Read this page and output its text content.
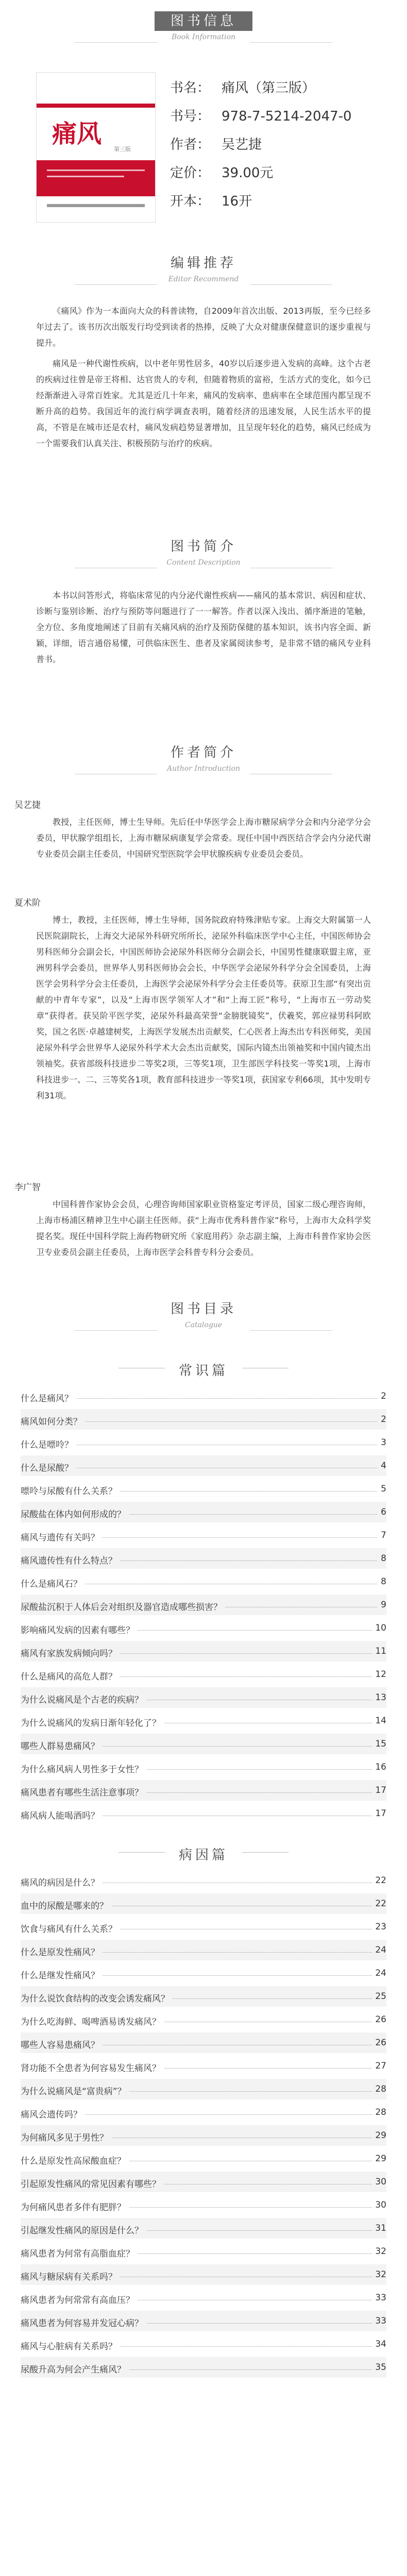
图书信息
Book Information
痛风
第三版
书名： 痛风（第三版）
书号： 978-7-5214-2047-0
作者： 吴艺捷
定价： 39.00元
开本： 16开
编辑推荐
Editor Recommend
《痛风》作为一本面向大众的科普读物，自2009年首次出版、2013再版，至今已经多年过去了。该书历次出版发行均受到读者的热捧，反映了大众对健康保健意识的逐步重视与提升。
痛风是一种代谢性疾病，以中老年男性居多，40岁以后逐步进入发病的高峰。这个古老的疾病过往曾是帝王将相、达官贵人的专利，但随着物质的富裕，生活方式的变化，如今已经渐渐进入寻常百姓家。尤其是近几十年来，痛风的发病率、患病率在全球范围内都呈现不断升高的趋势。我国近年的流行病学调查表明，随着经济的迅速发展，人民生活水平的提高，不管是在城市还是农村，痛风发病趋势显著增加，且呈现年轻化的趋势，痛风已经成为一个需要我们认真关注、积极预防与治疗的疾病。
图书简介
Content Description
本书以问答形式，将临床常见的内分泌代谢性疾病——痛风的基本常识、病因和症状、诊断与鉴别诊断、治疗与预防等问题进行了一一解答。作者以深入浅出、循序渐进的笔触，全方位、多角度地阐述了目前有关痛风病的治疗及预防保健的基本知识，该书内容全面、新颖，详细，语言通俗易懂，可供临床医生、患者及家属阅读参考，是非常不错的痛风专业科普书。
作者简介
Author Introduction
吴艺捷
教授，主任医师，博士生导师。先后任中华医学会上海市糖尿病学分会和内分泌学分会委员，甲状腺学组组长，上海市糖尿病康复学会常委。现任中国中西医结合学会内分泌代谢专业委员会副主任委员，中国研究型医院学会甲状腺疾病专业委员会委员。
夏术阶
博士，教授，主任医师，博士生导师，国务院政府特殊津贴专家。上海交大附属第一人民医院副院长，上海交大泌尿外科研究所所长，泌尿外科临床医学中心主任，中国医师协会男科医师分会副会长，中国医师协会泌尿外科医师分会副会长，中国男性健康联盟主席，亚洲男科学会委员，世界华人男科医师协会会长，中华医学会泌尿外科学分会全国委员，上海医学会男科学分会主任委员，上海医学会泌尿外科学分会主任委员等。获原卫生部“有突出贡献的中青年专家”，以及“上海市医学领军人才”和“上海工匠”称号，“上海市五一劳动奖章”获得者。获吴阶平医学奖，泌尿外科最高荣誉“金膀胱镜奖”，伏羲奖，郭应禄男科阿欧奖，国之名医·卓越建树奖，上海医学发展杰出贡献奖，仁心医者上海杰出专科医师奖，美国泌尿外科学会世界华人泌尿外科学术大会杰出贡献奖，国际内镜杰出领袖奖和中国内镜杰出领袖奖。获省部级科技进步二等奖2项，三等奖1项，卫生部医学科技奖一等奖1项，上海市科技进步一、二、三等奖各1项，教育部科技进步一等奖1项，获国家专利66项，其中发明专利31项。
李广智
中国科普作家协会会员，心理咨询师国家职业资格鉴定考评员，国家二级心理咨询师，上海市杨浦区精神卫生中心副主任医师。获“上海市优秀科普作家”称号，上海市大众科学奖提名奖。现任中国科学院上海药物研究所《家庭用药》杂志副主编，上海市科普作家协会医卫专业委员会副主任委员，上海市医学会科普专科分会委员。
图书目录
Catalogue
常识篇
什么是痛风？	2
痛风如何分类？	2
什么是嘌呤？	3
什么是尿酸？	4
嘌呤与尿酸有什么关系？	5
尿酸盐在体内如何形成的？	6
痛风与遗传有关吗？	7
痛风遗传性有什么特点？	8
什么是痛风石？	8
尿酸盐沉积于人体后会对组织及器官造成哪些损害？	9
影响痛风发病的因素有哪些？	10
痛风有家族发病倾向吗？	11
什么是痛风的高危人群？	12
为什么说痛风是个古老的疾病？	13
为什么说痛风的发病日渐年轻化了？	14
哪些人群易患痛风？	15
为什么痛风病人男性多于女性？	16
痛风患者有哪些生活注意事项？	17
痛风病人能喝酒吗？	17
病因篇
痛风的病因是什么？	22
血中的尿酸是哪来的？	22
饮食与痛风有什么关系？	23
什么是原发性痛风？	24
什么是继发性痛风？	24
为什么说饮食结构的改变会诱发痛风？	25
为什么吃海鲜、喝啤酒易诱发痛风？	26
哪些人容易患痛风？	26
肾功能不全患者为何容易发生痛风？	27
为什么说痛风是“富贵病”？	28
痛风会遗传吗？	28
为何痛风多见于男性？	29
什么是原发性高尿酸血症？	29
引起原发性痛风的常见因素有哪些？	30
为何痛风患者多伴有肥胖？	30
引起继发性痛风的原因是什么？	31
痛风患者为何常有高脂血症？	32
痛风与糖尿病有关系吗？	32
痛风患者为何常常有高血压？	33
痛风患者为何容易并发冠心病？	33
痛风与心脏病有关系吗？	34
尿酸升高为何会产生痛风？	35
